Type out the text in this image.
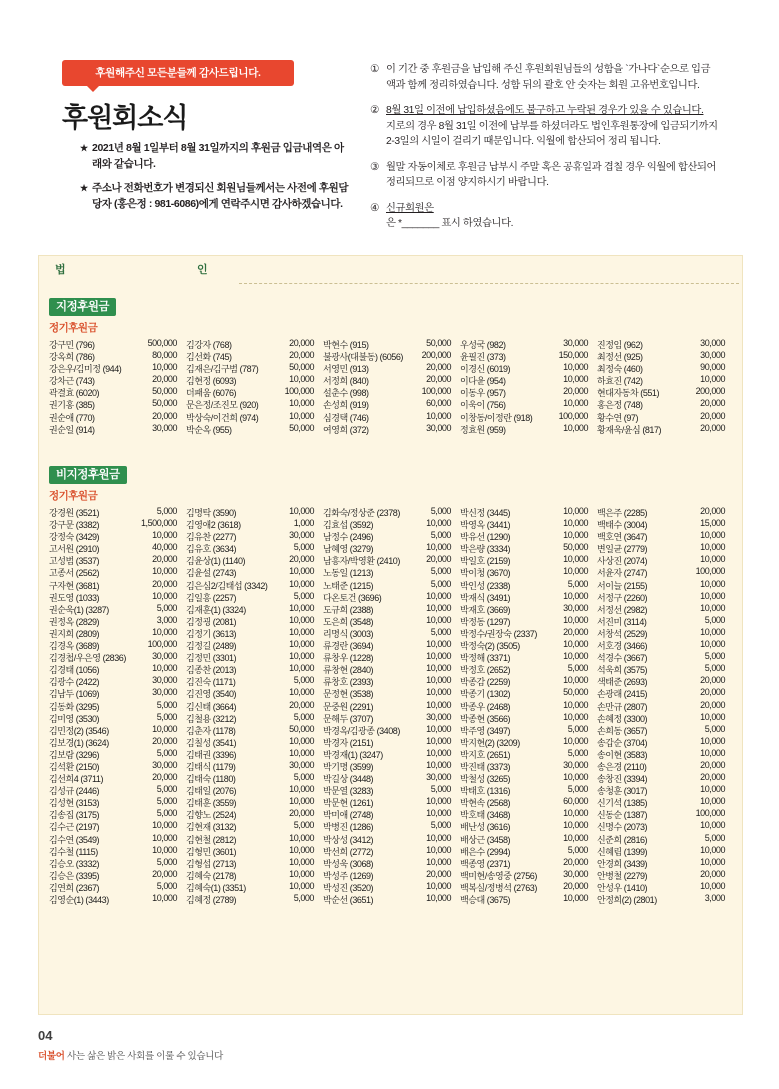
후원해주신 모든분들께 감사드립니다.
후원회소식
★ 2021년 8월 1일부터 8월 31일까지의 후원금 입금내역은 아래와 같습니다.
★ 주소나 전화번호가 변경되신 회원님들께서는 사전에 후원담당자 (홍은정 : 981-6086)에게 연락주시면 감사하겠습니다.
① 이 기간 중 후원금을 납입해 주신 후원회원님들의 성함을 `가나다`순으로 입금
액과 함께 정리하였습니다. 성함 뒤의 괄호 안 숫자는 회원 고유번호입니다.
② 8월 31일 이전에 납입하셨음에도 불구하고 누락된 경우가 있을 수 있습니다.
지로의 경우 8월 31일 이전에 납부를 하셨더라도 법인후원통장에 입금되기까지
2-3일의 시일이 걸리기 때문입니다. 익월에 합산되어 정리 됩니다.
③ 월말 자동이체로 후원금 납부시 주말 혹은 공휴일과 겹칠 경우 익월에 합산되어
정리되므로 이점 양지하시기 바랍니다.
④ 신규회원은
은 *_______ 표시 하였습니다.
법	인
지정후원금
정기후원금
강구민 (796)	500,000
강옥희 (786)	80,000
강은우/김미정 (944)	10,000
강차근 (743)	20,000
곽결효 (6020)	50,000
권기홍 (385)	50,000
권순애 (770)	20,000
권순일 (914)	30,000
김강자 (768)	20,000
김선화 (745)	20,000
김재은/김구범 (787)	50,000
김현정 (6093)	10,000
더패움 (6076)	100,000
문은정/조진모 (920)	10,000
박상숙/이건희 (974)	10,000
박순옥 (955)	50,000
박현수 (915)	50,000
불광사(대불동) (6056)	200,000
서영민 (913)	20,000
서정희 (840)	20,000
설춘수 (998)	100,000
손성희 (919)	60,000
심경택 (746)	10,000
여영희 (372)	30,000
우성국 (982)	30,000
윤필진 (373)	150,000
이경신 (6019)	10,000
이다윤 (954)	10,000
이동우 (957)	20,000
이욱이 (756)	10,000
이창동/이정란 (918)	100,000
정효원 (959)	10,000
진정임 (962)	30,000
최정선 (925)	30,000
최정숙 (460)	90,000
하효진 (742)	10,000
현대자동차 (551)	200,000
홍은정 (748)	20,000
황수연 (97)	20,000
황재욱/윤심 (817)	20,000
비지정후원금
정기후원금
강경원 (3521)	5,000
강구문 (3382)	1,500,000
강정숙 (3429)	10,000
고서원 (2910)	40,000
고성범 (3537)	20,000
고종서 (2562)	10,000
구자현 (3681)	20,000
권도영 (1033)	10,000
권순욱(1) (3287)	5,000
권정옥 (2829)	3,000
권지희 (2809)	10,000
김경옥 (3689)	100,000
김경첩/우은영 (2836)	30,000
김경태 (1056)	10,000
김광수 (2422)	30,000
김남두 (1069)	30,000
김동화 (3295)	5,000
김미영 (3530)	5,000
김민정(2) (3546)	10,000
김보경(1) (3624)	20,000
김보람 (3296)	5,000
김석환 (2150)	30,000
김선희4 (3711)	20,000
김성규 (2446)	5,000
김성현 (3153)	5,000
김송집 (3175)	5,000
김수근 (2197)	10,000
김수연 (3549)	10,000
김수철 (1115)	10,000
김승오 (3332)	5,000
김승은 (3395)	20,000
김연희 (2367)	5,000
김영순(1) (3443)	10,000
김명탁 (3590)	10,000
김영애2 (3618)	1,000
김유찬 (2277)	30,000
김유호 (3634)	5,000
김윤상(1) (1140)	20,000
김윤설 (2743)	10,000
김은심2/김태섭 (3342)	10,000
김일흥 (2257)	5,000
김재훈(1) (3324)	10,000
김정굉 (2081)	10,000
김정기 (3613)	10,000
김정길 (2489)	10,000
김정민 (3301)	10,000
김종찬 (2013)	10,000
김진숙 (1171)	5,000
김진영 (3540)	10,000
김신태 (3664)	20,000
김철용 (3212)	5,000
김춘자 (1178)	50,000
김칠성 (3541)	10,000
김태권 (3396)	10,000
김태식 (1179)	30,000
김태숙 (1180)	5,000
김태일 (2076)	10,000
김태훈 (3559)	10,000
김향노 (2524)	20,000
김현재 (3132)	5,000
김현철 (2812)	10,000
김형민 (3601)	10,000
김형섭 (2713)	10,000
김혜숙 (2178)	10,000
김혜숙(1) (3351)	10,000
김혜정 (2789)	5,000
김화숙/정상준 (2378)	5,000
김효섭 (3592)	10,000
남정수 (2496)	5,000
남혜영 (3279)	10,000
남흥자/박영환 (2410)	20,000
노동일 (1213)	5,000
노태준 (1215)	5,000
다온토건 (3696)	10,000
도규희 (2388)	10,000
도은희 (3548)	10,000
리명식 (3003)	5,000
류경란 (3694)	10,000
류창우 (1228)	10,000
류창현 (2840)	10,000
류창호 (2393)	10,000
문정현 (3538)	10,000
문중원 (2291)	10,000
문해두 (3707)	30,000
박경옥/김광종 (3408)	10,000
박경자 (2151)	10,000
박경재(1) (3247)	10,000
박기명 (3599)	10,000
박길상 (3448)	30,000
박문열 (3283)	5,000
박문현 (1261)	10,000
박미애 (2748)	10,000
박병진 (1286)	5,000
박상성 (3412)	10,000
박선희 (2772)	10,000
박성욱 (3068)	10,000
박성주 (1269)	20,000
박성진 (3520)	10,000
박순선 (3651)	10,000
박신정 (3445)	10,000
박영옥 (3441)	10,000
박유선 (1290)	10,000
박은량 (3334)	50,000
박일호 (2159)	10,000
박이청 (3670)	10,000
박인성 (2338)	5,000
박재식 (3491)	10,000
박재호 (3669)	30,000
박정동 (1297)	10,000
박정수/권장숙 (2337)	20,000
박정숙(2) (3505)	10,000
박정해 (3371)	10,000
박정호 (2652)	5,000
박종감 (2259)	10,000
박종기 (1302)	50,000
박종우 (2468)	10,000
박종현 (3566)	10,000
박주영 (3497)	5,000
박지현(2) (3209)	10,000
박지호 (2651)	5,000
박진태 (3373)	30,000
박철성 (3265)	10,000
박태호 (1316)	5,000
박현속 (2568)	60,000
박호태 (3468)	10,000
배난성 (3616)	10,000
배상근 (3458)	10,000
배은수 (2994)	5,000
백종영 (2371)	20,000
백미현/송영중 (2756)	30,000
백복실/정병석 (2763)	20,000
백승대 (3675)	10,000
백은주 (2285)	20,000
백태수 (3004)	15,000
백호연 (3647)	10,000
변일균 (2779)	10,000
사상진 (2074)	10,000
서윤자 (2747)	100,000
서이늘 (2155)	10,000
서정구 (2260)	10,000
서정선 (2982)	10,000
서진미 (3114)	5,000
서창석 (2529)	10,000
서호경 (3466)	10,000
석경수 (3667)	5,000
석욱희 (3575)	5,000
색태준 (2693)	20,000
손광래 (2415)	20,000
손만규 (2807)	20,000
손혜정 (3300)	10,000
손희동 (3657)	5,000
송갑순 (3704)	10,000
송이현 (3583)	10,000
송은경 (2110)	20,000
송창진 (3394)	20,000
송청훈 (3017)	10,000
신기석 (1385)	10,000
신동순 (1387)	100,000
신명수 (2073)	10,000
신준희 (2816)	5,000
신혜림 (1399)	10,000
안경희 (3439)	10,000
안병철 (2279)	20,000
안성우 (1410)	10,000
안정희(2) (2801)	3,000
04
더불어 사는 삶은 밝은 사회를 이룰 수 있습니다
